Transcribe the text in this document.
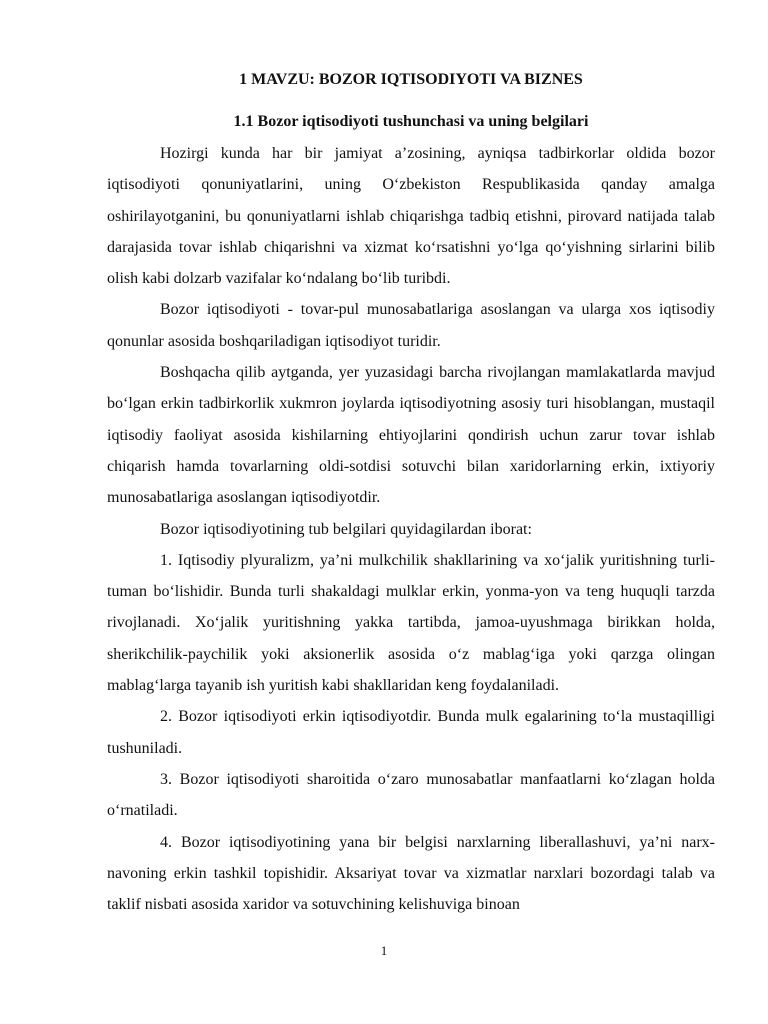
1 MAVZU: BOZOR IQTISODIYOTI VA BIZNES
1.1 Bozor iqtisodiyoti tushunchasi va uning belgilari

Hozirgi kunda har bir jamiyat a’zosining, ayniqsa tadbirkorlar oldida bozor iqtisodiyoti qonuniyatlarini, uning O‘zbekiston Respublikasida qanday amalga oshirilayotganini, bu qonuniyatlarni ishlab chiqarishga tadbiq etishni, pirovard natijada talab darajasida tovar ishlab chiqarishni va xizmat ko‘rsatishni yo‘lga qo‘yishning sirlarini bilib olish kabi dolzarb vazifalar ko‘ndalang bo‘lib turibdi.

Bozor iqtisodiyoti - tovar-pul munosabatlariga asoslangan va ularga xos iqtisodiy qonunlar asosida boshqariladigan iqtisodiyot turidir.

Boshqacha qilib aytganda, yer yuzasidagi barcha rivojlangan mamlakatlarda mavjud bo‘lgan erkin tadbirkorlik xukmron joylarda iqtisodiyotning asosiy turi hisoblangan, mustaqil iqtisodiy faoliyat asosida kishilarning ehtiyojlarini qondirish uchun zarur tovar ishlab chiqarish hamda tovarlarning oldi-sotdisi sotuvchi bilan xaridorlarning erkin, ixtiyoriy munosabatlariga asoslangan iqtisodiyotdir.

Bozor iqtisodiyotining tub belgilari quyidagilardan iborat:

1. Iqtisodiy plyuralizm, ya’ni mulkchilik shakllarining va xo‘jalik yuritishning turli-tuman bo‘lishidir. Bunda turli shakaldagi mulklar erkin, yonma-yon va teng huquqli tarzda rivojlanadi. Xo‘jalik yuritishning yakka tartibda, jamoa-uyushmaga birikkan holda, sherikchilik-paychilik yoki aksionerlik asosida o‘z mablag‘iga yoki qarzga olingan mablag‘larga tayanib ish yuritish kabi shakllaridan keng foydalaniladi.

2. Bozor iqtisodiyoti erkin iqtisodiyotdir. Bunda mulk egalarining to‘la mustaqilligi tushuniladi.

3. Bozor iqtisodiyoti sharoitida o‘zaro munosabatlar manfaatlarni ko‘zlagan holda o‘rnatiladi.

4. Bozor iqtisodiyotining yana bir belgisi narxlarning liberallashuvi, ya’ni narx-navoning erkin tashkil topishidir. Aksariyat tovar va xizmatlar narxlari bozordagi talab va taklif nisbati asosida xaridor va sotuvchining kelishuviga binoan

1
